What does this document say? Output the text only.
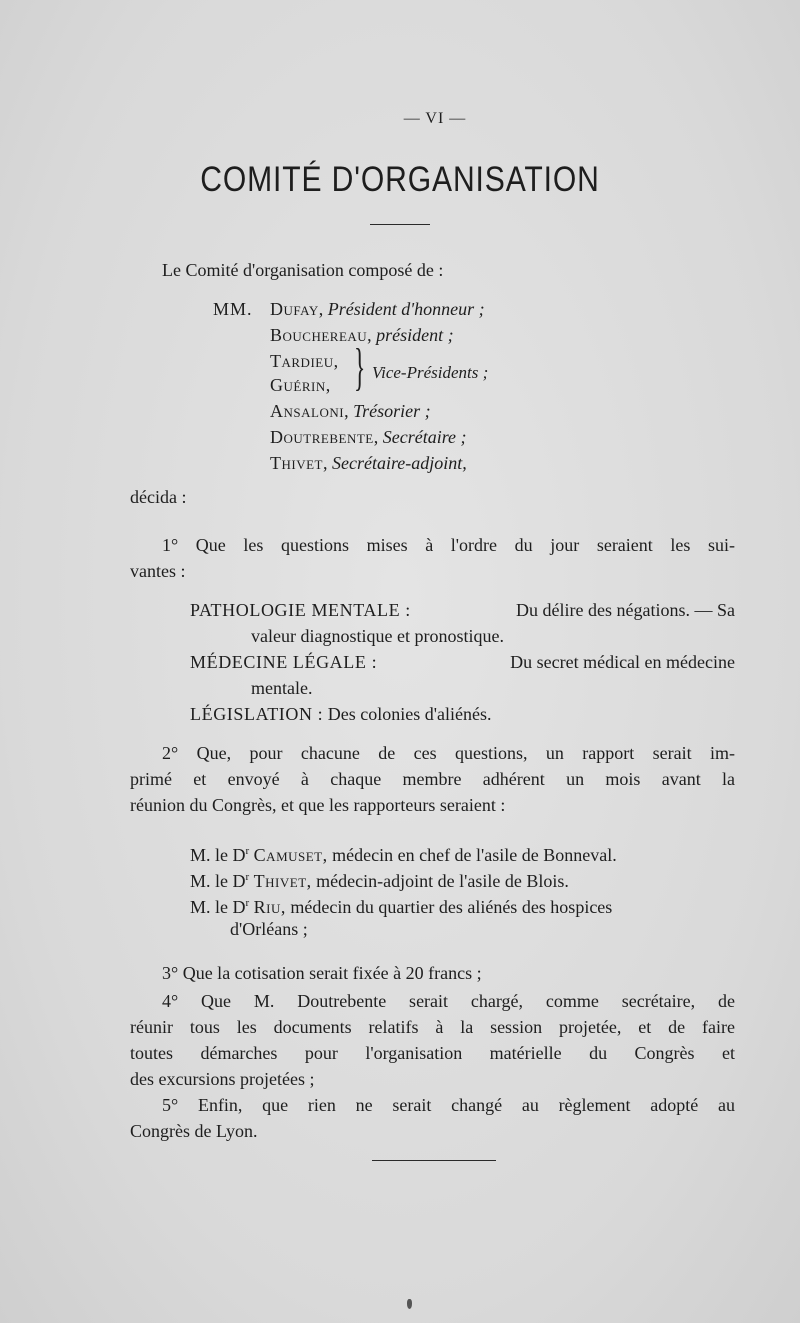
— VI —
COMITÉ D'ORGANISATION
Le Comité d'organisation composé de :
MM. Dufay, Président d'honneur ;
Bouchereau, président ;
Tardieu,
Guérin, } Vice-Présidents ;
Ansaloni, Trésorier ;
Doutrebente, Secrétaire ;
Thivet, Secrétaire-adjoint,
décida :
1° Que les questions mises à l'ordre du jour seraient les sui-
vantes :
PATHOLOGIE MENTALE :	Du délire des négations. — Sa
valeur diagnostique et pronostique.
MÉDECINE LÉGALE :	Du secret médical en médecine
mentale.
LÉGISLATION : Des colonies d'aliénés.
2° Que, pour chacune de ces questions, un rapport serait im-
primé et envoyé à chaque membre adhérent un mois avant la
réunion du Congrès, et que les rapporteurs seraient :
M. le $D^r$ Camuset, médecin en chef de l'asile de Bonneval.
M. le $D^r$ Thivet, médecin-adjoint de l'asile de Blois.
M. le $D^r$ Riu, médecin du quartier des aliénés des hospices
d'Orléans ;
3° Que la cotisation serait fixée à 20 francs ;
4° Que M. Doutrebente serait chargé, comme secrétaire, de
réunir tous les documents relatifs à la session projetée, et de faire
toutes démarches pour l'organisation matérielle du Congrès et
des excursions projetées ;
5° Enfin, que rien ne serait changé au règlement adopté au
Congrès de Lyon.
